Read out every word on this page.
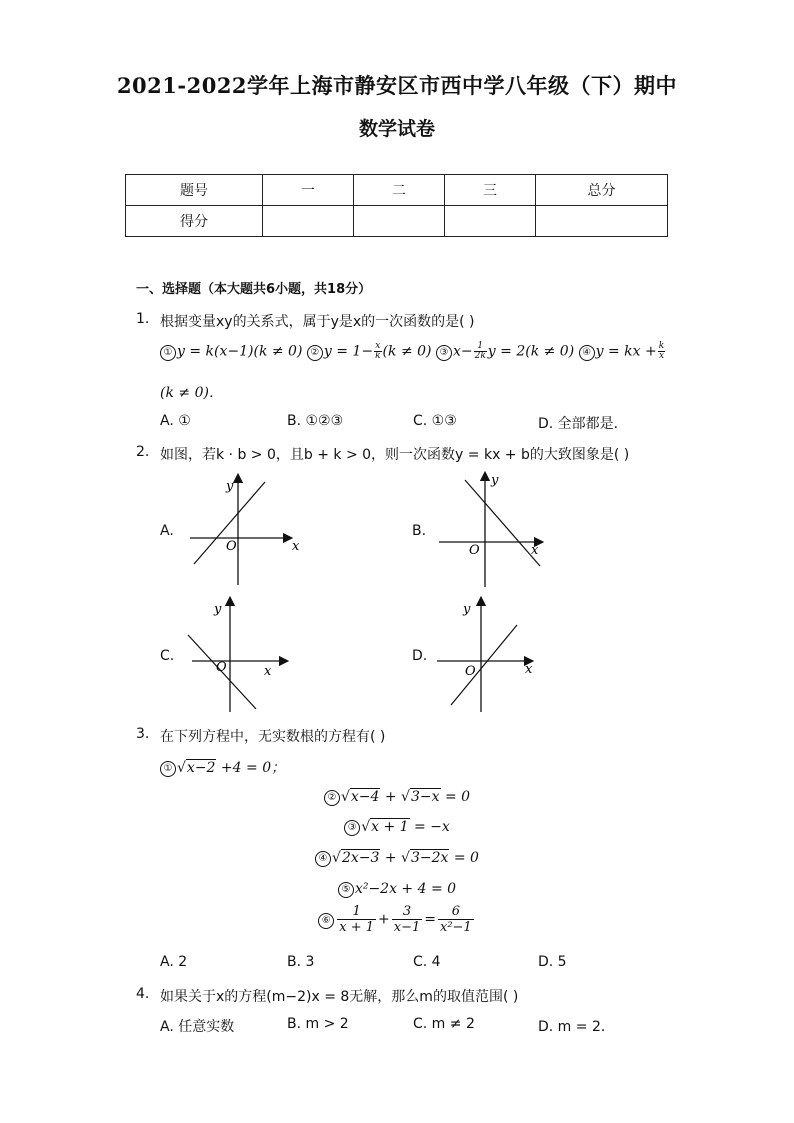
2021-2022学年上海市静安区市西中学八年级（下）期中
数学试卷
题号	一	二	三	总分
得分				
一、选择题（本大题共6小题，共18分）
1. 根据变量xy的关系式，属于y是x的一次函数的是( )
① y = k(x−1)(k ≠ 0) ② $y = 1- \frac{x}{k} (k \ne 0)$ ③ $x- \frac{1}{2k}$ y = 2(k ≠ 0) ④ y = kx + $\frac{k}{x}$
(k ≠ 0)．
A. ①	B. ①②③	C. ①③	D. 全部都是．
2. 如图，若k · b > 0，且b + k > 0，则一次函数y = kx + b的大致图象是( )
A.
x
y
O
B.
x
y
O
C.
x
y
O
D.
x
y
O
3. 在下列方程中，无实数根的方程有( )
① √x−2 +4 = 0；
② √x−4 + √3−x = 0
③ √x + 1 = −x
④ √2x−3 + √3−2x = 0
⑤ x²−2x + 4 = 0
⑥ $\frac{1}{x + 1} + \frac{3}{x-1} = \frac{6}{\text{x²−1}}$
A. 2	B. 3	C. 4	D. 5
4. 如果关于x的方程(m−2)x = 8无解，那么m的取值范围( )
A. 任意实数	B. m > 2	C. m ≠ 2	D. m = 2．
